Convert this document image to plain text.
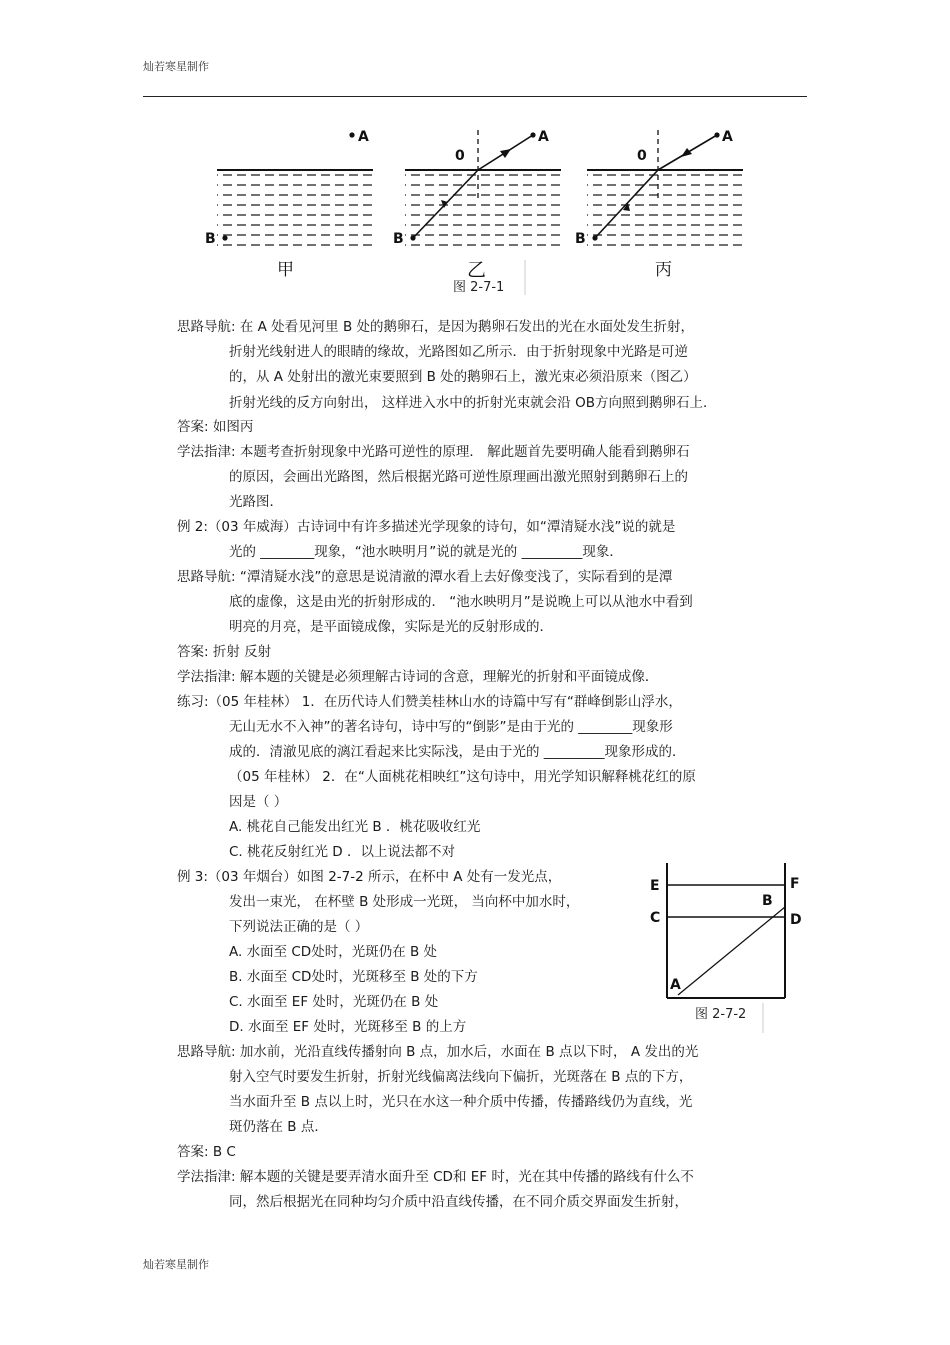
灿若寒星制作
A
B
甲
0
A
B
乙
0
A
B
丙
图 2-7-1
E	F
C	D
B
A
图 2-7-2
思路导航: 在 A 处看见河里 B 处的鹅卵石，是因为鹅卵石发出的光在水面处发生折射，
折射光线射进人的眼睛的缘故，光路图如乙所示．由于折射现象中光路是可逆
的，从 A 处射出的激光束要照到 B 处的鹅卵石上，激光束必须沿原来（图乙）
折射光线的反方向射出， 这样进入水中的折射光束就会沿 OB方向照到鹅卵石上．
答案: 如图丙
学法指津: 本题考查折射现象中光路可逆性的原理． 解此题首先要明确人能看到鹅卵石
的原因，会画出光路图，然后根据光路可逆性原理画出激光照射到鹅卵石上的
光路图．
例 2:（03 年威海）古诗词中有许多描述光学现象的诗句，如“潭清疑水浅”说的就是
光的 ________现象，“池水映明月”说的就是光的 _________现象．
思路导航: “潭清疑水浅”的意思是说清澈的潭水看上去好像变浅了，实际看到的是潭
底的虚像，这是由光的折射形成的． “池水映明月”是说晚上可以从池水中看到
明亮的月亮，是平面镜成像，实际是光的反射形成的．
答案: 折射 反射
学法指津: 解本题的关键是必须理解古诗词的含意，理解光的折射和平面镜成像．
练习:（05 年桂林） 1．在历代诗人们赞美桂林山水的诗篇中写有“群峰倒影山浮水，
无山无水不入神”的著名诗句，诗中写的“倒影”是由于光的 ________现象形
成的．清澈见底的漓江看起来比实际浅，是由于光的 _________现象形成的．
（05 年桂林） 2．在“人面桃花相映红”这句诗中，用光学知识解释桃花红的原
因是（ ）
A. 桃花自己能发出红光 B ．桃花吸收红光
C. 桃花反射红光 D ．以上说法都不对
例 3:（03 年烟台）如图 2-7-2 所示，在杯中 A 处有一发光点，
发出一束光， 在杯壁 B 处形成一光斑， 当向杯中加水时，
下列说法正确的是（ ）
A. 水面至 CD处时，光斑仍在 B 处
B. 水面至 CD处时，光斑移至 B 处的下方
C. 水面至 EF 处时，光斑仍在 B 处
D. 水面至 EF 处时，光斑移至 B 的上方
思路导航: 加水前，光沿直线传播射向 B 点，加水后，水面在 B 点以下时， A 发出的光
射入空气时要发生折射，折射光线偏离法线向下偏折，光斑落在 B 点的下方，
当水面升至 B 点以上时，光只在水这一种介质中传播，传播路线仍为直线，光
斑仍落在 B 点．
答案: B C
学法指津: 解本题的关键是要弄清水面升至 CD和 EF 时，光在其中传播的路线有什么不
同，然后根据光在同种均匀介质中沿直线传播，在不同介质交界面发生折射，
灿若寒星制作
